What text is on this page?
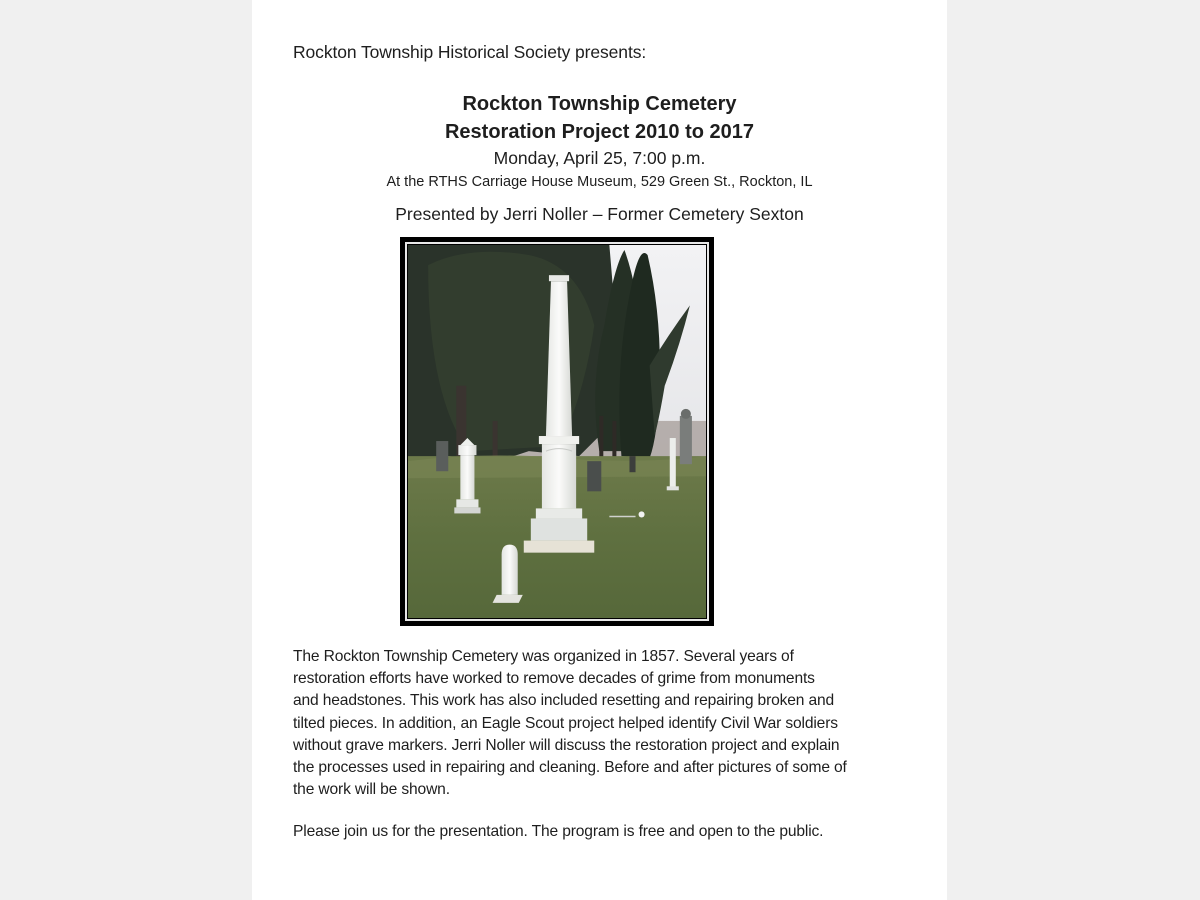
Rockton Township Historical Society presents:
Rockton Township Cemetery
Restoration Project 2010 to 2017
Monday, April 25, 7:00 p.m.
At the RTHS Carriage House Museum, 529 Green St., Rockton, IL
Presented by Jerri Noller – Former Cemetery Sexton
The Rockton Township Cemetery was organized in 1857. Several years of
restoration efforts have worked to remove decades of grime from monuments
and headstones. This work has also included resetting and repairing broken and
tilted pieces. In addition, an Eagle Scout project helped identify Civil War soldiers
without grave markers. Jerri Noller will discuss the restoration project and explain
the processes used in repairing and cleaning. Before and after pictures of some of
the work will be shown.
Please join us for the presentation. The program is free and open to the public.
